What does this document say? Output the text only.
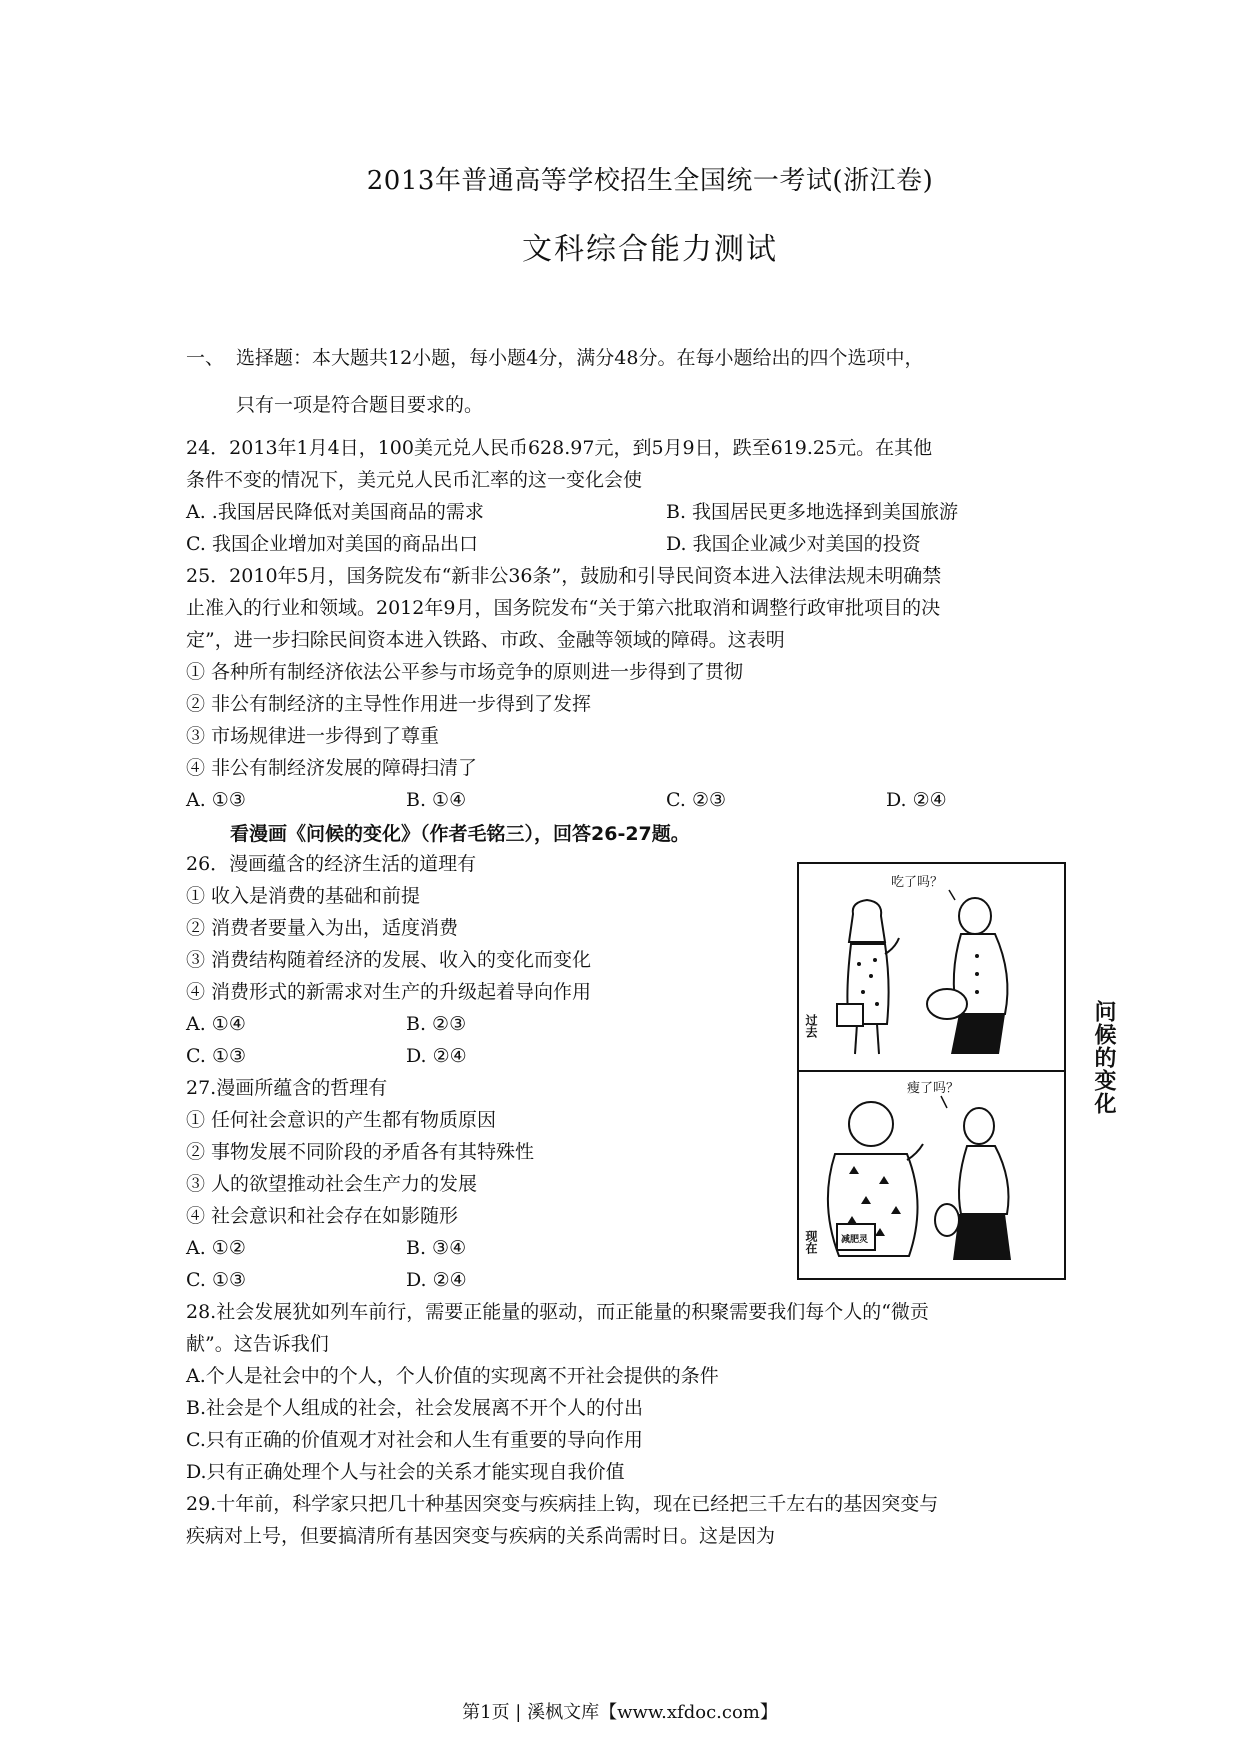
2013年普通高等学校招生全国统一考试(浙江卷)
文科综合能力测试
一、 选择题：本大题共12小题，每小题4分，满分48分。在每小题给出的四个选项中，
只有一项是符合题目要求的。
24．2013年1月4日，100美元兑人民币628.97元，到5月9日，跌至619.25元。在其他
条件不变的情况下，美元兑人民币汇率的这一变化会使
A. .我国居民降低对美国商品的需求	B. 我国居民更多地选择到美国旅游
C. 我国企业增加对美国的商品出口	D. 我国企业减少对美国的投资
25．2010年5月，国务院发布“新非公36条”，鼓励和引导民间资本进入法律法规未明确禁
止准入的行业和领域。2012年9月，国务院发布“关于第六批取消和调整行政审批项目的决
定”，进一步扫除民间资本进入铁路、市政、金融等领域的障碍。这表明
① 各种所有制经济依法公平参与市场竞争的原则进一步得到了贯彻
② 非公有制经济的主导性作用进一步得到了发挥
③ 市场规律进一步得到了尊重
④ 非公有制经济发展的障碍扫清了
A. ①③	B. ①④	C. ②③	D. ②④
看漫画《问候的变化》（作者毛铭三），回答26-27题。
26．漫画蕴含的经济生活的道理有
① 收入是消费的基础和前提
② 消费者要量入为出，适度消费
③ 消费结构随着经济的发展、收入的变化而变化
④ 消费形式的新需求对生产的升级起着导向作用
A. ①④	B. ②③
C. ①③	D. ②④
27.漫画所蕴含的哲理有
① 任何社会意识的产生都有物质原因
② 事物发展不同阶段的矛盾各有其特殊性
③ 人的欲望推动社会生产力的发展
④ 社会意识和社会存在如影随形
A. ①②	B. ③④
C. ①③	D. ②④
吃了吗？
过去
减肥灵
瘦了吗？
现在
问候的变化
28.社会发展犹如列车前行，需要正能量的驱动，而正能量的积聚需要我们每个人的“微贡
献”。这告诉我们
A.个人是社会中的个人，个人价值的实现离不开社会提供的条件
B.社会是个人组成的社会，社会发展离不开个人的付出
C.只有正确的价值观才对社会和人生有重要的导向作用
D.只有正确处理个人与社会的关系才能实现自我价值
29.十年前，科学家只把几十种基因突变与疾病挂上钩，现在已经把三千左右的基因突变与
疾病对上号，但要搞清所有基因突变与疾病的关系尚需时日。这是因为
第1页 | 溪枫文库【www.xfdoc.com】
